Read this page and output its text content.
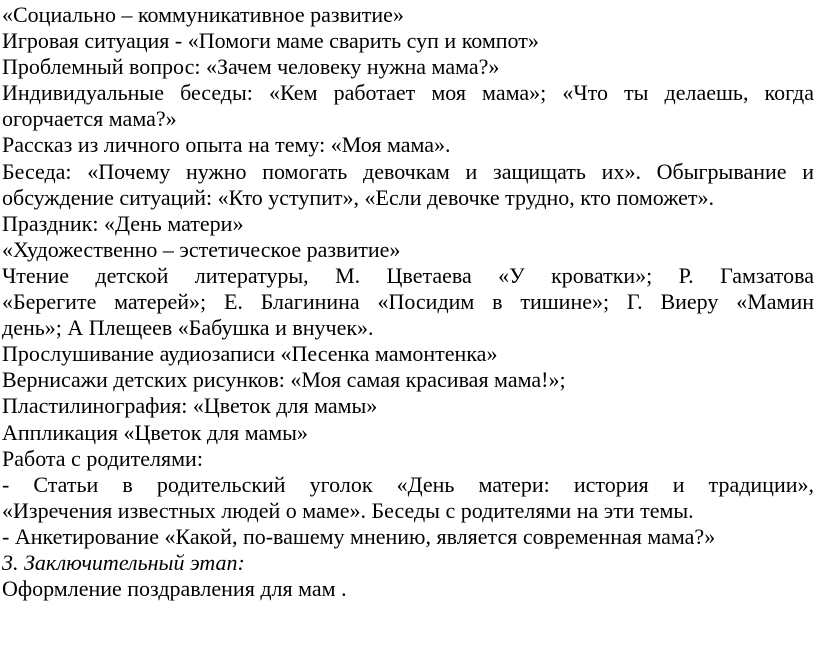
«Социально – коммуникативное развитие»
Игровая ситуация - «Помоги маме сварить суп и компот»
Проблемный вопрос: «Зачем человеку нужна мама?»
Индивидуальные беседы: «Кем работает моя мама»; «Что ты делаешь, когда
огорчается мама?»
Рассказ из личного опыта на тему: «Моя мама».
Беседа: «Почему нужно помогать девочкам и защищать их». Обыгрывание и
обсуждение ситуаций: «Кто уступит», «Если девочке трудно, кто поможет».
Праздник: «День матери»
«Художественно – эстетическое развитие»
Чтение детской литературы, М. Цветаева «У кроватки»; Р. Гамзатова
«Берегите матерей»; Е. Благинина «Посидим в тишине»; Г. Виеру «Мамин
день»; А Плещеев «Бабушка и внучек».
Прослушивание аудиозаписи «Песенка мамонтенка»
Вернисажи детских рисунков: «Моя самая красивая мама!»;
Пластилинография: «Цветок для мамы»
Аппликация «Цветок для мамы»
Работа с родителями:
- Статьи в родительский уголок «День матери: история и традиции»,
«Изречения известных людей о маме». Беседы с родителями на эти темы.
- Анкетирование «Какой, по-вашему мнению, является современная мама?»
3. Заключительный этап:
Оформление поздравления для мам .
